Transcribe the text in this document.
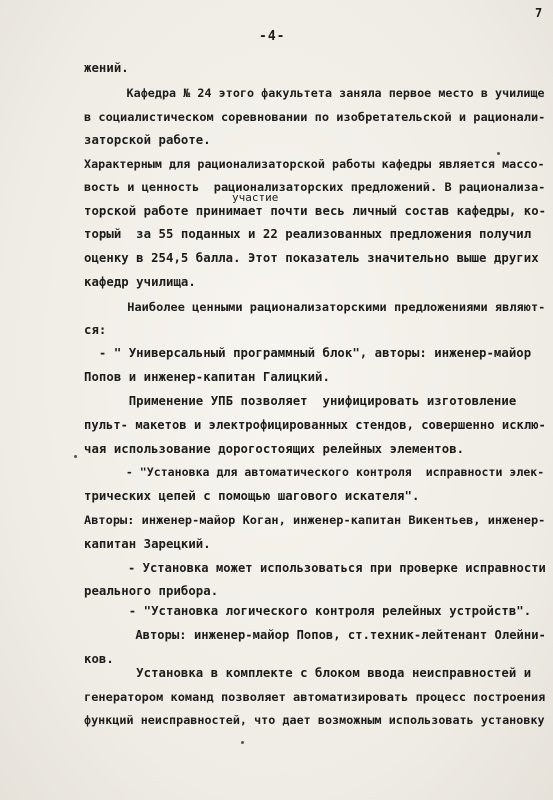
-4-
7
жений.
Кафедра № 24 этого факультета заняла первое место в училище
в социалистическом соревновании по изобретательской и рационали-
заторской работе.
Характерным для рационализаторской работы кафедры является массо-
вость и ценность  рационализаторских предложений. В рационализа-
участие
торской работе принимает почти весь личный состав кафедры, ко-
торый  за 55 поданных и 22 реализованных предложения получил
оценку в 254,5 балла. Этот показатель значительно выше других
кафедр училища.
Наиболее ценными рационализаторскими предложениями являют-
ся:
- " Универсальный программный блок", авторы: инженер-майор
Попов и инженер-капитан Галицкий.
Применение УПБ позволяет  унифицировать изготовление
пульт- макетов и электрофицированных стендов, совершенно исклю-
чая использование дорогостоящих релейных элементов.
- "Установка для автоматического контроля  исправности элек-
трических цепей с помощью шагового искателя".
Авторы: инженер-майор Коган, инженер-капитан Викентьев, инженер-
капитан Зарецкий.
- Установка может использоваться при проверке исправности
реального прибора.
- "Установка логического контроля релейных устройств".
Авторы: инженер-майор Попов, ст.техник-лейтенант Олейни-
ков.
Установка в комплекте с блоком ввода неисправностей и
генератором команд позволяет автоматизировать процесс построения
функций неисправностей, что дает возможным использовать установку
